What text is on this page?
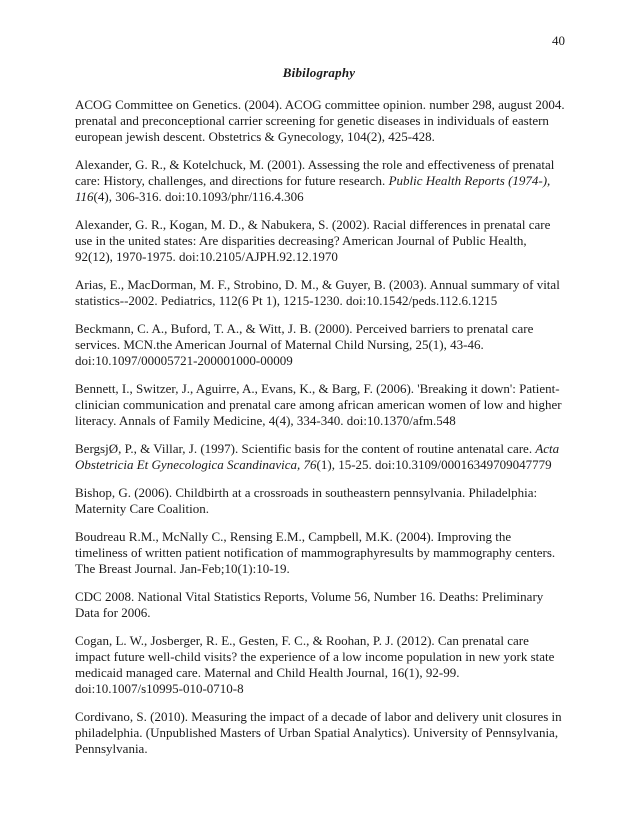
40
Bibilography

ACOG Committee on Genetics. (2004). ACOG committee opinion. number 298, august 2004. prenatal and preconceptional carrier screening for genetic diseases in individuals of eastern european jewish descent. Obstetrics & Gynecology, 104(2), 425-428.

Alexander, G. R., & Kotelchuck, M. (2001). Assessing the role and effectiveness of prenatal care: History, challenges, and directions for future research. Public Health Reports (1974-), 116(4), 306-316. doi:10.1093/phr/116.4.306

Alexander, G. R., Kogan, M. D., & Nabukera, S. (2002). Racial differences in prenatal care use in the united states: Are disparities decreasing? American Journal of Public Health, 92(12), 1970-1975. doi:10.2105/AJPH.92.12.1970

Arias, E., MacDorman, M. F., Strobino, D. M., & Guyer, B. (2003). Annual summary of vital statistics--2002. Pediatrics, 112(6 Pt 1), 1215-1230. doi:10.1542/peds.112.6.1215

Beckmann, C. A., Buford, T. A., & Witt, J. B. (2000). Perceived barriers to prenatal care services. MCN.the American Journal of Maternal Child Nursing, 25(1), 43-46. doi:10.1097/00005721-200001000-00009

Bennett, I., Switzer, J., Aguirre, A., Evans, K., & Barg, F. (2006). 'Breaking it down': Patient-clinician communication and prenatal care among african american women of low and higher literacy. Annals of Family Medicine, 4(4), 334-340. doi:10.1370/afm.548

BergsjØ, P., & Villar, J. (1997). Scientific basis for the content of routine antenatal care. Acta Obstetricia Et Gynecologica Scandinavica, 76(1), 15-25. doi:10.3109/00016349709047779

Bishop, G. (2006). Childbirth at a crossroads in southeastern pennsylvania. Philadelphia: Maternity Care Coalition.

Boudreau R.M., McNally C., Rensing E.M., Campbell, M.K. (2004). Improving the timeliness of written patient notification of mammographyresults by mammography centers. The Breast Journal. Jan-Feb;10(1):10-19.

CDC 2008. National Vital Statistics Reports, Volume 56, Number 16. Deaths: Preliminary Data for 2006.

Cogan, L. W., Josberger, R. E., Gesten, F. C., & Roohan, P. J. (2012). Can prenatal care impact future well-child visits? the experience of a low income population in new york state medicaid managed care. Maternal and Child Health Journal, 16(1), 92-99. doi:10.1007/s10995-010-0710-8

Cordivano, S. (2010). Measuring the impact of a decade of labor and delivery unit closures in philadelphia. (Unpublished Masters of Urban Spatial Analytics). University of Pennsylvania, Pennsylvania.
